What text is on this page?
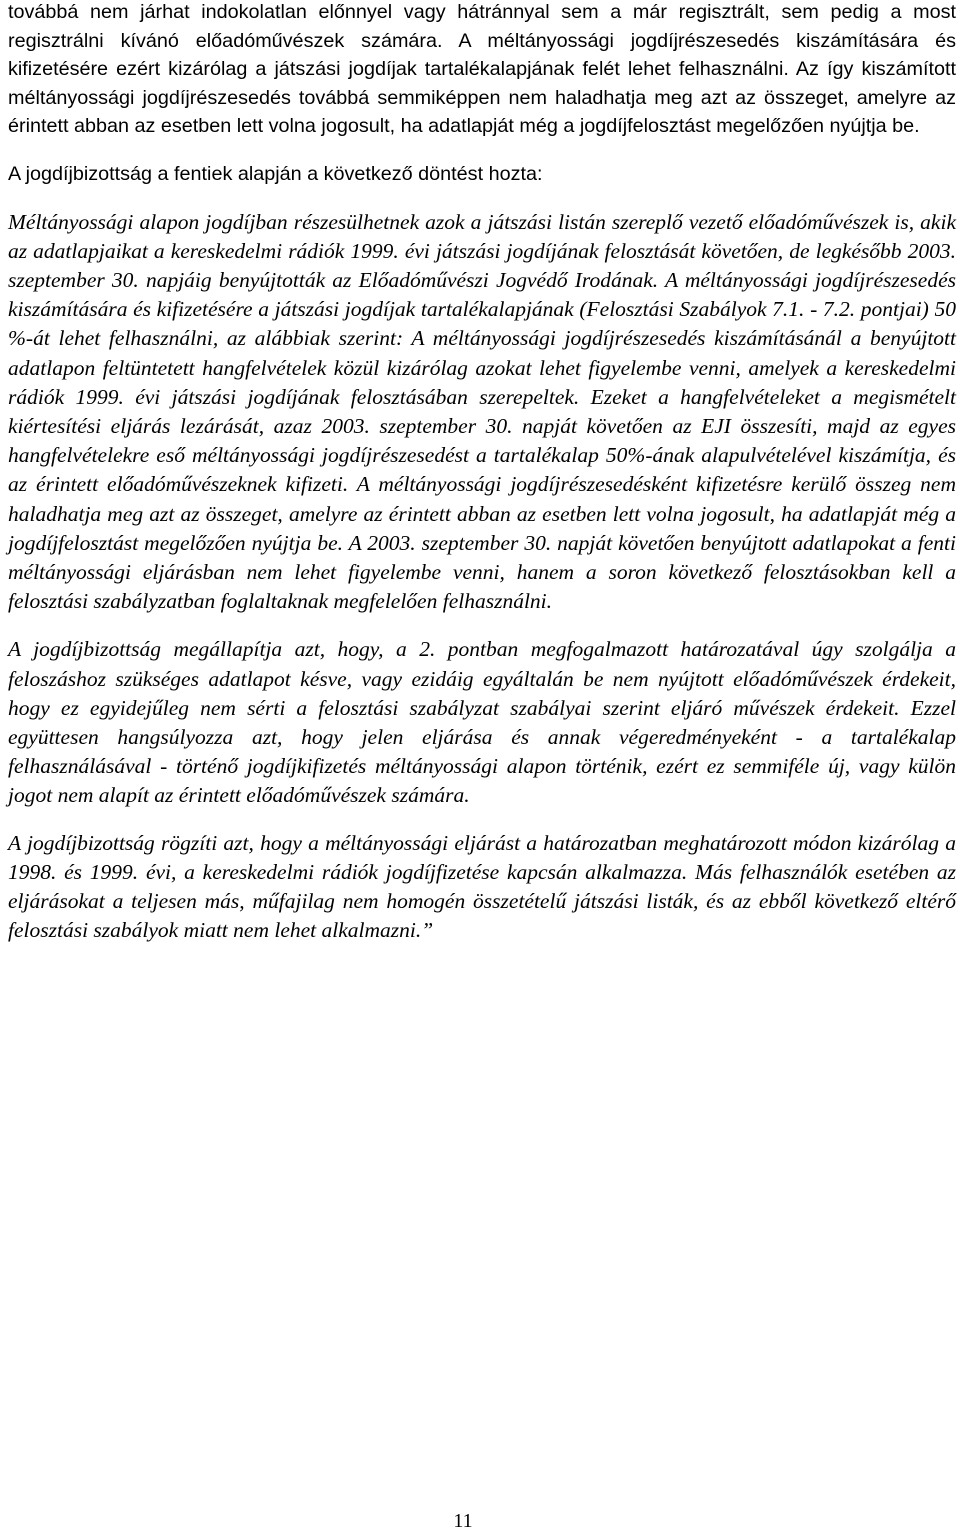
továbbá nem járhat indokolatlan előnnyel vagy hátránnyal sem a már regisztrált, sem pedig a most regisztrálni kívánó előadóművészek számára. A méltányossági jogdíjrészesedés kiszámítására és kifizetésére ezért kizárólag a játszási jogdíjak tartalékalapjának felét lehet felhasználni. Az így kiszámított méltányossági jogdíjrészesedés továbbá semmiképpen nem haladhatja meg azt az összeget, amelyre az érintett abban az esetben lett volna jogosult, ha adatlapját még a jogdíjfelosztást megelőzően nyújtja be.

A jogdíjbizottság a fentiek alapján a következő döntést hozta:

Méltányossági alapon jogdíjban részesülhetnek azok a játszási listán szereplő vezető előadóművészek is, akik az adatlapjaikat a kereskedelmi rádiók 1999. évi játszási jogdíjának felosztását követően, de legkésőbb 2003. szeptember 30. napjáig benyújtották az Előadóművészi Jogvédő Irodának. A méltányossági jogdíjrészesedés kiszámítására és kifizetésére a játszási jogdíjak tartalékalapjának (Felosztási Szabályok 7.1. - 7.2. pontjai) 50 %-át lehet felhasználni, az alábbiak szerint: A méltányossági jogdíjrészesedés kiszámításánál a benyújtott adatlapon feltüntetett hangfelvételek közül kizárólag azokat lehet figyelembe venni, amelyek a kereskedelmi rádiók 1999. évi játszási jogdíjának felosztásában szerepeltek. Ezeket a hangfelvételeket a megismételt kiértesítési eljárás lezárását, azaz 2003. szeptember 30. napját követően az EJI összesíti, majd az egyes hangfelvételekre eső méltányossági jogdíjrészesedést a tartalékalap 50%-ának alapulvételével kiszámítja, és az érintett előadóművészeknek kifizeti. A méltányossági jogdíjrészesedésként kifizetésre kerülő összeg nem haladhatja meg azt az összeget, amelyre az érintett abban az esetben lett volna jogosult, ha adatlapját még a jogdíjfelosztást megelőzően nyújtja be. A 2003. szeptember 30. napját követően benyújtott adatlapokat a fenti méltányossági eljárásban nem lehet figyelembe venni, hanem a soron következő felosztásokban kell a felosztási szabályzatban foglaltaknak megfelelően felhasználni.

A jogdíjbizottság megállapítja azt, hogy, a 2. pontban megfogalmazott határozatával úgy szolgálja a feloszáshoz szükséges adatlapot késve, vagy ezidáig egyáltalán be nem nyújtott előadóművészek érdekeit, hogy ez egyidejűleg nem sérti a felosztási szabályzat szabályai szerint eljáró művészek érdekeit. Ezzel együttesen hangsúlyozza azt, hogy jelen eljárása és annak végeredményeként - a tartalékalap felhasználásával - történő jogdíjkifizetés méltányossági alapon történik, ezért ez semmiféle új, vagy külön jogot nem alapít az érintett előadóművészek számára.

A jogdíjbizottság rögzíti azt, hogy a méltányossági eljárást a határozatban meghatározott módon kizárólag a 1998. és 1999. évi, a kereskedelmi rádiók jogdíjfizetése kapcsán alkalmazza. Más felhasználók esetében az eljárásokat a teljesen más, műfajilag nem homogén összetételű játszási listák, és az ebből következő eltérő felosztási szabályok miatt nem lehet alkalmazni.”

11
